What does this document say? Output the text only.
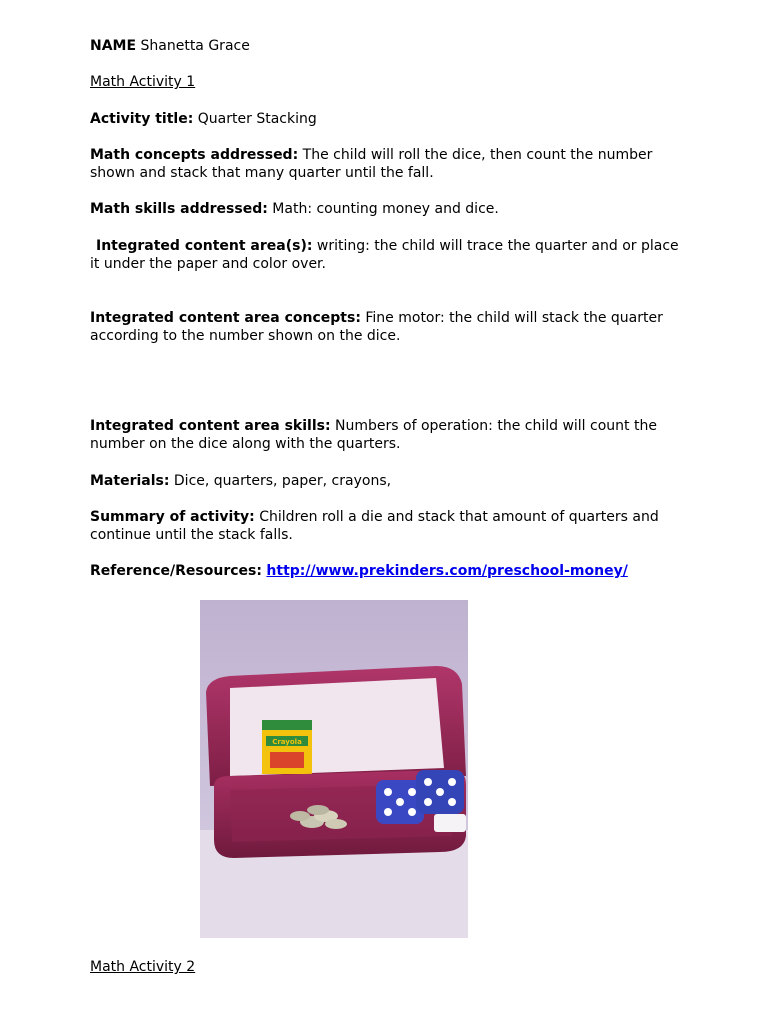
NAME Shanetta Grace
Math Activity 1
Activity title: Quarter Stacking
Math concepts addressed: The child will roll the dice, then count the number shown and stack that many quarter until the fall.
Math skills addressed: Math: counting money and dice.
Integrated content area(s): writing: the child will trace the quarter and or place it under the paper and color over.
Integrated content area concepts: Fine motor: the child will stack the quarter according to the number shown on the dice.
Integrated content area skills: Numbers of operation: the child will count the number on the dice along with the quarters.
Materials: Dice, quarters, paper, crayons,
Summary of activity: Children roll a die and stack that amount of quarters and continue until the stack falls.
Reference/Resources: http://www.prekinders.com/preschool-money/
Crayola
Math Activity 2
